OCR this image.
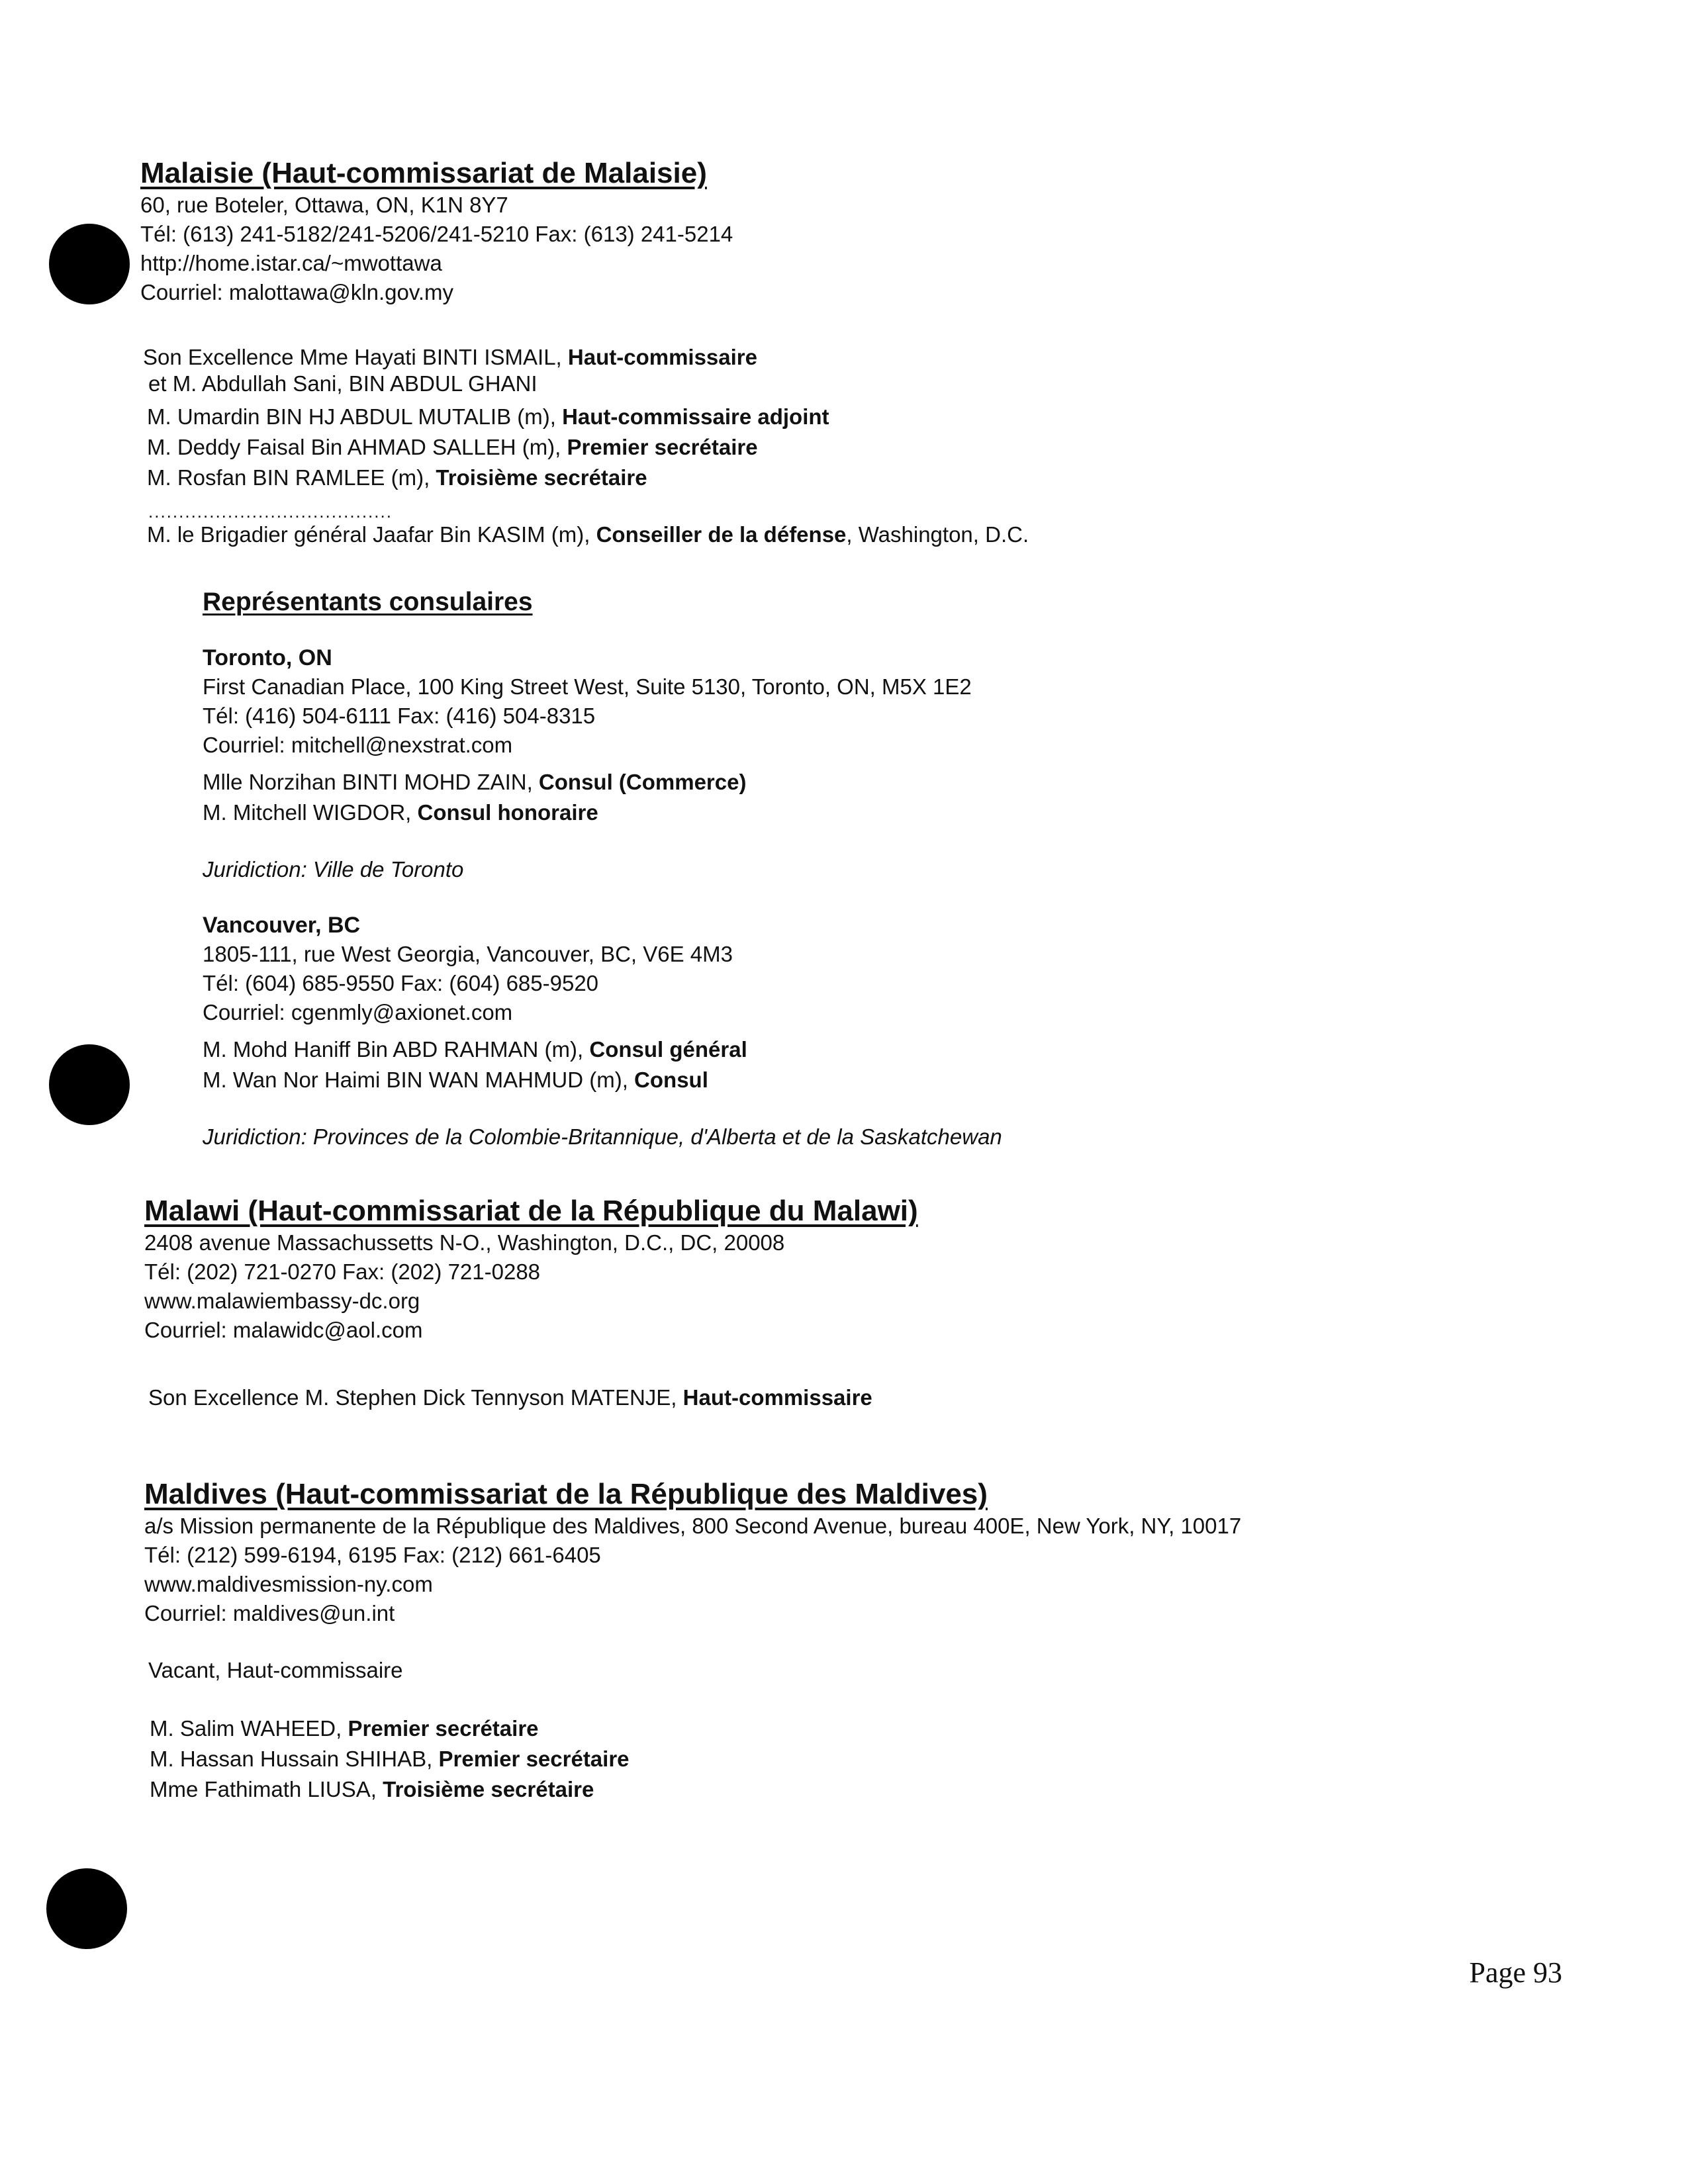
Malaisie (Haut-commissariat de Malaisie)
60, rue Boteler, Ottawa, ON, K1N 8Y7
Tél: (613) 241-5182/241-5206/241-5210 Fax: (613) 241-5214
http://home.istar.ca/~mwottawa
Courriel: malottawa@kln.gov.my
Son Excellence Mme Hayati BINTI ISMAIL, Haut-commissaire
et M. Abdullah Sani, BIN ABDUL GHANI
M. Umardin BIN HJ ABDUL MUTALIB (m), Haut-commissaire adjoint
M. Deddy Faisal Bin AHMAD SALLEH (m), Premier secrétaire
M. Rosfan BIN RAMLEE (m), Troisième secrétaire
........................................
M. le Brigadier général Jaafar Bin KASIM (m), Conseiller de la défense, Washington, D.C.
Représentants consulaires
Toronto, ON
First Canadian Place, 100 King Street West, Suite 5130, Toronto, ON, M5X 1E2
Tél: (416) 504-6111 Fax: (416) 504-8315
Courriel: mitchell@nexstrat.com
Mlle Norzihan BINTI MOHD ZAIN, Consul (Commerce)
M. Mitchell WIGDOR, Consul honoraire
Juridiction: Ville de Toronto
Vancouver, BC
1805-111, rue West Georgia, Vancouver, BC, V6E 4M3
Tél: (604) 685-9550 Fax: (604) 685-9520
Courriel: cgenmly@axionet.com
M. Mohd Haniff Bin ABD RAHMAN (m), Consul général
M. Wan Nor Haimi BIN WAN MAHMUD (m), Consul
Juridiction: Provinces de la Colombie-Britannique, d'Alberta et de la Saskatchewan
Malawi (Haut-commissariat de la République du Malawi)
2408 avenue Massachussetts N-O., Washington, D.C., DC, 20008
Tél: (202) 721-0270 Fax: (202) 721-0288
www.malawiembassy-dc.org
Courriel: malawidc@aol.com
Son Excellence M. Stephen Dick Tennyson MATENJE, Haut-commissaire
Maldives (Haut-commissariat de la République des Maldives)
a/s Mission permanente de la République des Maldives, 800 Second Avenue, bureau 400E, New York, NY, 10017
Tél: (212) 599-6194, 6195 Fax: (212) 661-6405
www.maldivesmission-ny.com
Courriel: maldives@un.int
Vacant, Haut-commissaire
M. Salim WAHEED, Premier secrétaire
M. Hassan Hussain SHIHAB, Premier secrétaire
Mme Fathimath LIUSA, Troisième secrétaire
Page 93
